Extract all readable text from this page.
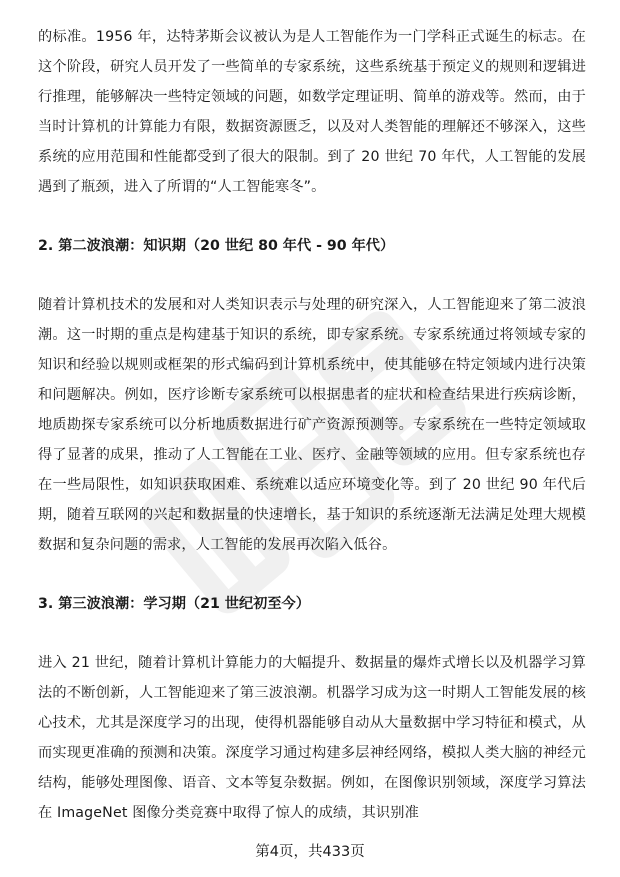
的标准。1956 年，达特茅斯会议被认为是人工智能作为一门学科正式诞生的标志。在这个阶段，研究人员开发了一些简单的专家系统，这些系统基于预定义的规则和逻辑进行推理，能够解决一些特定领域的问题，如数学定理证明、简单的游戏等。然而，由于当时计算机的计算能力有限，数据资源匮乏，以及对人类智能的理解还不够深入，这些系统的应用范围和性能都受到了很大的限制。到了 20 世纪 70 年代，人工智能的发展遇到了瓶颈，进入了所谓的“人工智能寒冬”。

2. 第二波浪潮：知识期（20 世纪 80 年代 - 90 年代）

随着计算机技术的发展和对人类知识表示与处理的研究深入，人工智能迎来了第二波浪潮。这一时期的重点是构建基于知识的系统，即专家系统。专家系统通过将领域专家的知识和经验以规则或框架的形式编码到计算机系统中，使其能够在特定领域内进行决策和问题解决。例如，医疗诊断专家系统可以根据患者的症状和检查结果进行疾病诊断，地质勘探专家系统可以分析地质数据进行矿产资源预测等。专家系统在一些特定领域取得了显著的成果，推动了人工智能在工业、医疗、金融等领域的应用。但专家系统也存在一些局限性，如知识获取困难、系统难以适应环境变化等。到了 20 世纪 90 年代后期，随着互联网的兴起和数据量的快速增长，基于知识的系统逐渐无法满足处理大规模数据和复杂问题的需求，人工智能的发展再次陷入低谷。

3. 第三波浪潮：学习期（21 世纪初至今）

进入 21 世纪，随着计算机计算能力的大幅提升、数据量的爆炸式增长以及机器学习算法的不断创新，人工智能迎来了第三波浪潮。机器学习成为这一时期人工智能发展的核心技术，尤其是深度学习的出现，使得机器能够自动从大量数据中学习特征和模式，从而实现更准确的预测和决策。深度学习通过构建多层神经网络，模拟人类大脑的神经元结构，能够处理图像、语音、文本等复杂数据。例如，在图像识别领域，深度学习算法在 ImageNet 图像分类竞赛中取得了惊人的成绩，其识别准

第4页，共433页
